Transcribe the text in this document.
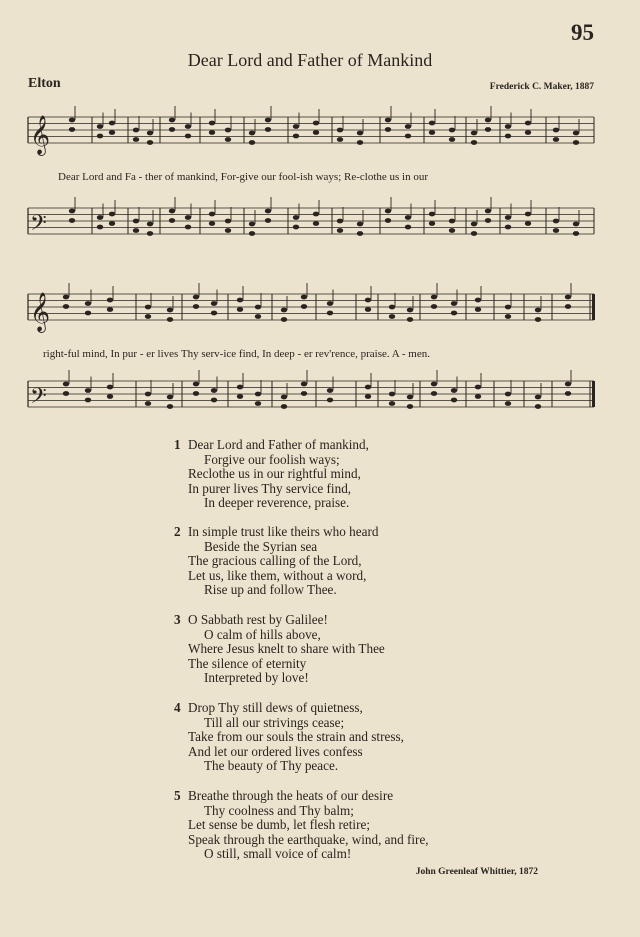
95
Dear Lord and Father of Mankind
Elton	Frederick C. Maker, 1887
𝄞
𝄢
𝄞
𝄢
Dear Lord and Fa - ther of mankind, For-give our fool-ish ways; Re-clothe us in our
right-ful mind, In pur - er lives Thy serv-ice find, In deep - er rev'rence, praise. A - men.
1 Dear Lord and Father of mankind,
Forgive our foolish ways;
Reclothe us in our rightful mind,
In purer lives Thy service find,
In deeper reverence, praise.
2 In simple trust like theirs who heard
Beside the Syrian sea
The gracious calling of the Lord,
Let us, like them, without a word,
Rise up and follow Thee.
3 O Sabbath rest by Galilee!
O calm of hills above,
Where Jesus knelt to share with Thee
The silence of eternity
Interpreted by love!
4 Drop Thy still dews of quietness,
Till all our strivings cease;
Take from our souls the strain and stress,
And let our ordered lives confess
The beauty of Thy peace.
5 Breathe through the heats of our desire
Thy coolness and Thy balm;
Let sense be dumb, let flesh retire;
Speak through the earthquake, wind, and fire,
O still, small voice of calm!
John Greenleaf Whittier, 1872
